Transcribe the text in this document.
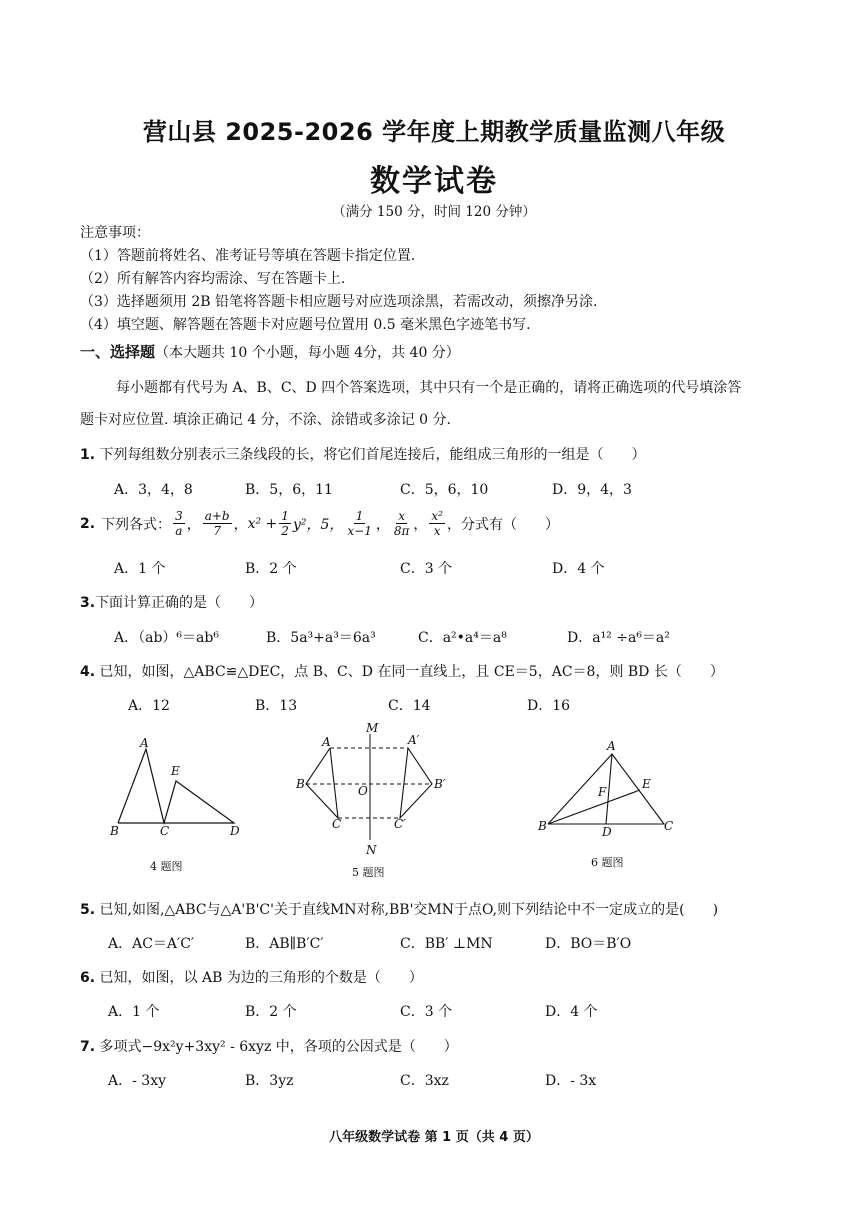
营山县 2025-2026 学年度上期教学质量监测八年级
数学试卷
（满分 150 分，时间 120 分钟）
注意事项：
（1）答题前将姓名、准考证号等填在答题卡指定位置.
（2）所有解答内容均需涂、写在答题卡上.
（3）选择题须用 2B 铅笔将答题卡相应题号对应选项涂黑，若需改动，须擦净另涂.
（4）填空题、解答题在答题卡对应题号位置用 0.5 毫米黑色字迹笔书写.
一、选择题（本大题共 10 个小题，每小题 4分，共 40 分）
每小题都有代号为 A、B、C、D 四个答案选项，其中只有一个是正确的，请将正确选项的代号填涂答
题卡对应位置. 填涂正确记 4 分，不涂、涂错或多涂记 0 分.
1. 下列每组数分别表示三条线段的长，将它们首尾连接后，能组成三角形的一组是（　　）
A．3，4，8	B．5，6，11	C．5，6，10	D．9，4，3
2. 下列各式： $\frac{3}{a}$ ， $\frac{a+b}{7}$ ， $x^2 + \frac{1}{2} y^2$，5， $\frac{1}{x-1}$ ， $\frac{x}{8\pi}$ ， $\frac{\text{x²}}{x}$ ， 分式有（　　）
A．1 个	B．2 个	C．3 个	D．4 个
3.下面计算正确的是（　　）
A．（ab）⁶＝ab⁶	B．5a³+a³＝6a³	C．a²•a⁴＝a⁸	D．a¹² ÷a⁶＝a²
4. 已知，如图，△ABC≌△DEC，点 B、C、D 在同一直线上，且 CE＝5，AC＝8，则 BD 长（　　）
A．12	B．13	C．14	D．16
A
E
B	C	D
4 题图
M
A	A′
B	O	B′
C	C′
N
5 题图
A
E
F
B	D	C
6 题图
5. 已知,如图,△ABC与△A'B'C'关于直线MN对称,BB'交MN于点O,则下列结论中不一定成立的是(　　)
A．AC＝A′C′	B．AB∥B′C′	C．BB′ ⊥MN	D．BO＝B′O
6. 已知，如图，以 AB 为边的三角形的个数是（　　）
A．1 个	B．2 个	C．3 个	D．4 个
7. 多项式−9x²y+3xy² - 6xyz 中，各项的公因式是（　　）
A．- 3xy	B．3yz	C．3xz	D．- 3x
八年级数学试卷 第 1 页（共 4 页）
